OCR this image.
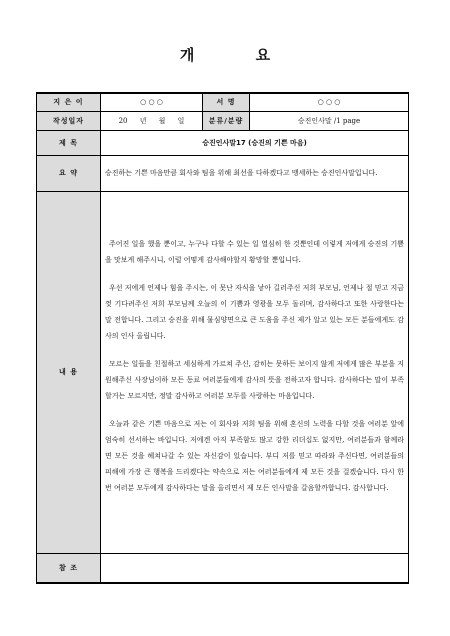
개 요
지 은 이	○ ○ ○	서 명	○ ○ ○
작성일자	20 년 월 일	분류/분량	승진인사말 /1 page
제 목	승진인사말17 (승진의 기쁜 마음)		
요 약	승진하는 기쁜 마음만큼 회사와 팀을 위해 최선을 다하겠다고 맹세하는 승진인사말입니다.		
내 용	주어진 일을 했을 뿐이고, 누구나 다할 수 있는 일 열심히 한 것뿐인데 이렇게 저에게 승진의 기쁨을 맛보게 해주시니, 이럴 어떻게 감사해야할지 황망할 뿐입니다.

우선 저에게 언제나 힘을 주시는, 이 못난 자식을 낳아 길러주신 저희 부모님, 언제나 절 믿고 지금껏 기다려주신 저희 부모님께 오늘의 이 기쁨과 영광을 모두 돌리며, 감사하다고 또한 사랑한다는 말 전합니다. 그리고 승진을 위해 물심양면으로 큰 도움을 주신 제가 알고 있는 모든 분들에게도 감사의 인사 올립니다.

모르는 일들을 친절하고 세심하게 가르쳐 주신, 감히는 못하든 보이지 않게 저에게 많은 부분을 지원해주신 사장님이하 모든 동료 여러분들에게 감사의 뜻을 전하고자 합니다. 감사하다는 말이 부족할거는 모르지만, 정말 감사하고 여러분 모두를 사랑하는 마음입니다.

오늘과 같은 기쁜 마음으로 저는 이 회사와 저희 팀을 위해 혼신의 노력을 다할 것을 여러분 앞에 엄숙히 선서하는 바입니다. 저에겐 아직 부족함도 많고 강한 리더십도 없지만, 여러분들과 함께라면 모든 것을 헤쳐나갈 수 있는 자신감이 있습니다. 부디 저를 믿고 따라와 주신다면, 여러분들의 피해에 가장 큰 행복을 드리겠다는 약속으로 저는 여러분들에게 제 모든 것을 걸겠습니다. 다시 한 번 여러분 모두에게 감사하다는 말을 올리면서 제 모든 인사말을 갈음할까합니다. 감사합니다.		

참 조			
